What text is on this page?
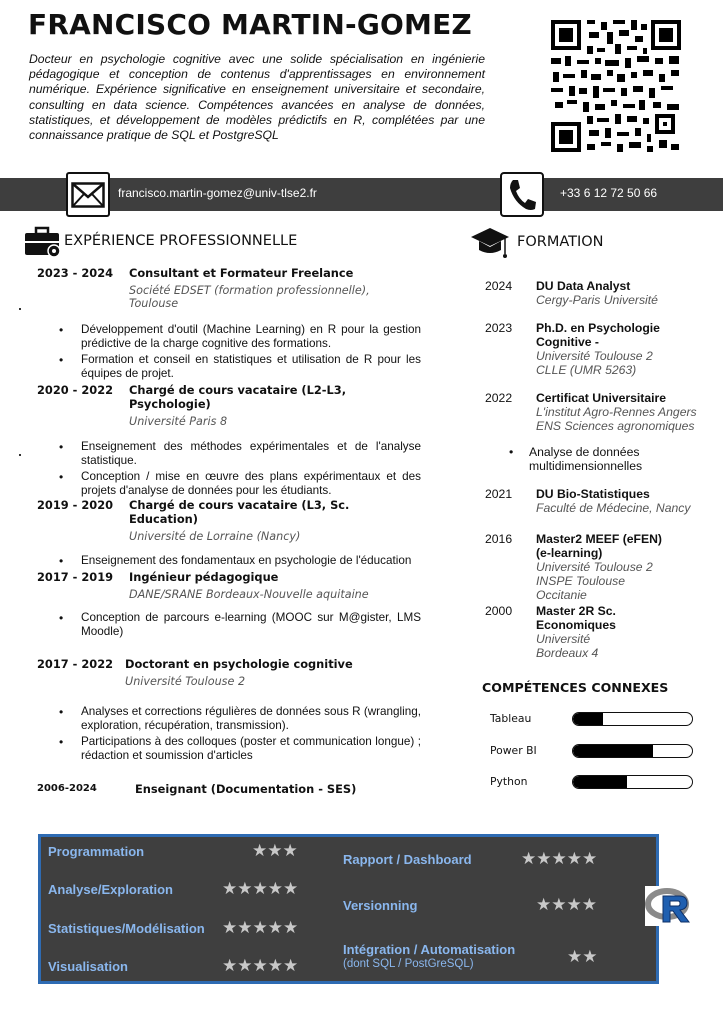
FRANCISCO MARTIN-GOMEZ

Docteur en psychologie cognitive avec une solide spécialisation en ingénierie pédagogique et conception de contenus d'apprentissages en environnement numérique. Expérience significative en enseignement universitaire et secondaire, consulting en data science. Compétences avancées en analyse de données, statistiques, et développement de modèles prédictifs en R, complétées par une connaissance pratique de SQL et PostgreSQL

francisco.martin-gomez@univ-tlse2.fr	+33 6 12 72 50 66
EXPÉRIENCE PROFESSIONNELLE
2023 - 2024	Consultant et Formateur Freelance
Société EDSET (formation professionnelle), Toulouse
• Développement d'outil (Machine Learning) en R pour la gestion prédictive de la charge cognitive des formations.
• Formation et conseil en statistiques et utilisation de R pour les équipes de projet.
2020 - 2022	Chargé de cours vacataire (L2-L3, Psychologie)
Université Paris 8
• Enseignement des méthodes expérimentales et de l'analyse statistique.
• Conception / mise en œuvre des plans expérimentaux et des projets d'analyse de données pour les étudiants.
2019 - 2020	Chargé de cours vacataire (L3, Sc. Education)
Université de Lorraine (Nancy)
• Enseignement des fondamentaux en psychologie de l'éducation
2017 - 2019	Ingénieur pédagogique
DANE/SRANE Bordeaux-Nouvelle aquitaine
• Conception de parcours e-learning (MOOC sur M@gister, LMS Moodle)
2017 - 2022	Doctorant en psychologie cognitive
Université Toulouse 2
• Analyses et corrections régulières de données sous R (wrangling, exploration, récupération, transmission).
• Participations à des colloques (poster et communication longue) ; rédaction et soumission d'articles
2006-2024	Enseignant (Documentation - SES)
FORMATION
2024	DU Data Analyst
Cergy-Paris Université
2023	Ph.D. en Psychologie Cognitive -
Université Toulouse 2
CLLE (UMR 5263)
2022	Certificat Universitaire
L'institut Agro-Rennes Angers
ENS Sciences agronomiques
• Analyse de données multidimensionnelles
2021	DU Bio-Statistiques
Faculté de Médecine, Nancy
2016	Master2 MEEF (eFEN) (e-learning)
Université Toulouse 2
INSPE Toulouse Occitanie
2000	Master 2R Sc. Economiques
Université Bordeaux 4
COMPÉTENCES CONNEXES
Tableau
Power BI
Python
Programmation	★★★
Analyse/Exploration	★★★★★
Statistiques/Modélisation ★★★★★
Visualisation	★★★★★
Rapport / Dashboard	★★★★★
Versionning	★★★★
Intégration / Automatisation
(dont SQL / PostGreSQL)	★★
